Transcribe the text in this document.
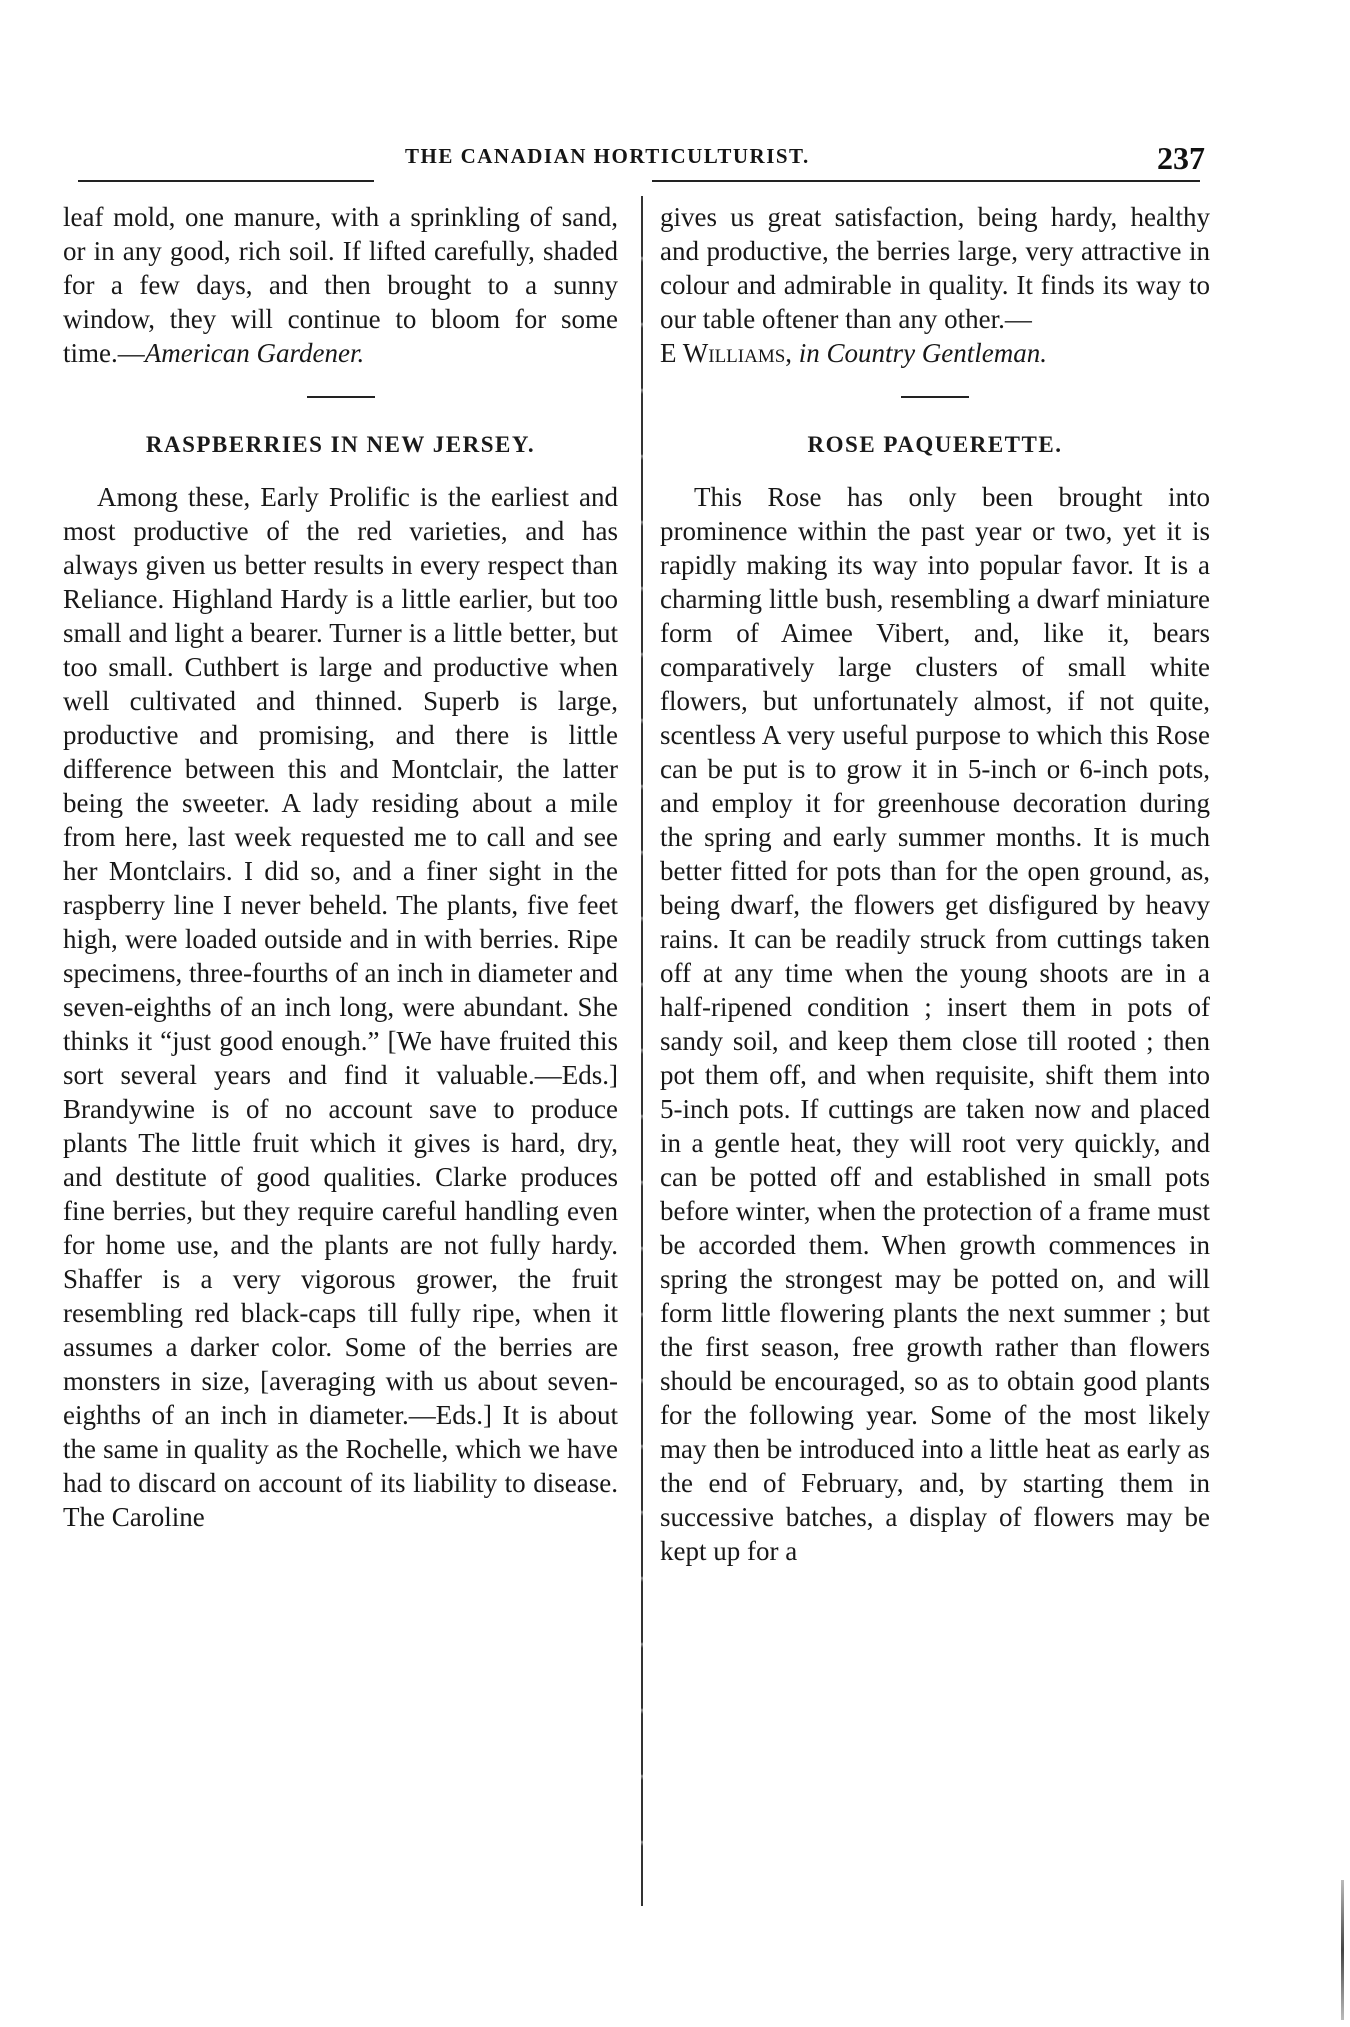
THE CANADIAN HORTICULTURIST.	237

leaf mold, one manure, with a sprinkling of sand, or in any good, rich soil. If lifted carefully, shaded for a few days, and then brought to a sunny window, they will continue to bloom for some time.—American Gardener.

RASPBERRIES IN NEW JERSEY.

Among these, Early Prolific is the earliest and most productive of the red varieties, and has always given us better results in every respect than Reliance. Highland Hardy is a little earlier, but too small and light a bearer. Turner is a little better, but too small. Cuthbert is large and productive when well cultivated and thinned. Superb is large, productive and promising, and there is little difference between this and Montclair, the latter being the sweeter. A lady residing about a mile from here, last week requested me to call and see her Montclairs. I did so, and a finer sight in the raspberry line I never beheld. The plants, five feet high, were loaded outside and in with berries. Ripe specimens, three-fourths of an inch in diameter and seven-eighths of an inch long, were abundant. She thinks it “just good enough.” [We have fruited this sort several years and find it valuable.—Eds.] Brandywine is of no account save to produce plants The little fruit which it gives is hard, dry, and destitute of good qualities. Clarke produces fine berries, but they require careful handling even for home use, and the plants are not fully hardy. Shaffer is a very vigorous grower, the fruit resembling red black-caps till fully ripe, when it assumes a darker color. Some of the berries are monsters in size, [averaging with us about seven-eighths of an inch in diameter.—Eds.] It is about the same in quality as the Rochelle, which we have had to discard on account of its liability to disease. The Caroline

gives us great satisfaction, being hardy, healthy and productive, the berries large, very attractive in colour and admirable in quality. It finds its way to our table oftener than any other.—
E Williams, in Country Gentleman.

ROSE PAQUERETTE.

This Rose has only been brought into prominence within the past year or two, yet it is rapidly making its way into popular favor. It is a charming little bush, resembling a dwarf miniature form of Aimee Vibert, and, like it, bears comparatively large clusters of small white flowers, but unfortunately almost, if not quite, scentless A very useful purpose to which this Rose can be put is to grow it in 5-inch or 6-inch pots, and employ it for greenhouse decoration during the spring and early summer months. It is much better fitted for pots than for the open ground, as, being dwarf, the flowers get disfigured by heavy rains. It can be readily struck from cuttings taken off at any time when the young shoots are in a half-ripened condition ; insert them in pots of sandy soil, and keep them close till rooted ; then pot them off, and when requisite, shift them into 5-inch pots. If cuttings are taken now and placed in a gentle heat, they will root very quickly, and can be potted off and established in small pots before winter, when the protection of a frame must be accorded them. When growth commences in spring the strongest may be potted on, and will form little flowering plants the next summer ; but the first season, free growth rather than flowers should be encouraged, so as to obtain good plants for the following year. Some of the most likely may then be introduced into a little heat as early as the end of February, and, by starting them in successive batches, a display of flowers may be kept up for a
